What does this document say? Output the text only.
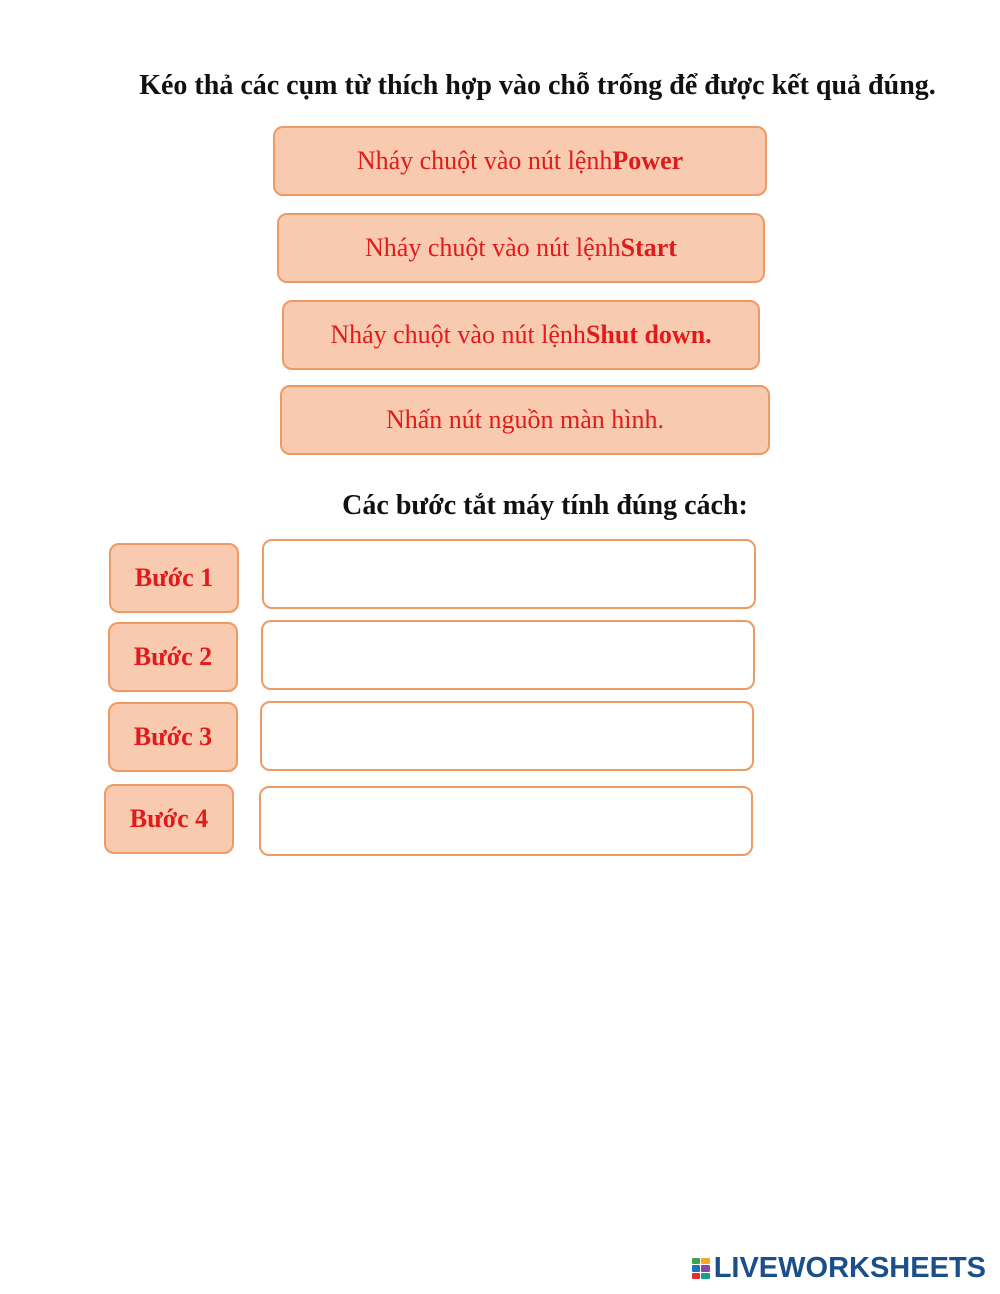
Kéo thả các cụm từ thích hợp vào chỗ trống để được kết quả đúng.
Nháy chuột vào nút lệnh Power
Nháy chuột vào nút lệnh Start
Nháy chuột vào nút lệnh Shut down.
Nhấn nút nguồn màn hình.
Các bước tắt máy tính đúng cách:
Bước 1
Bước 2
Bước 3
Bước 4
LIVEWORKSHEETS
